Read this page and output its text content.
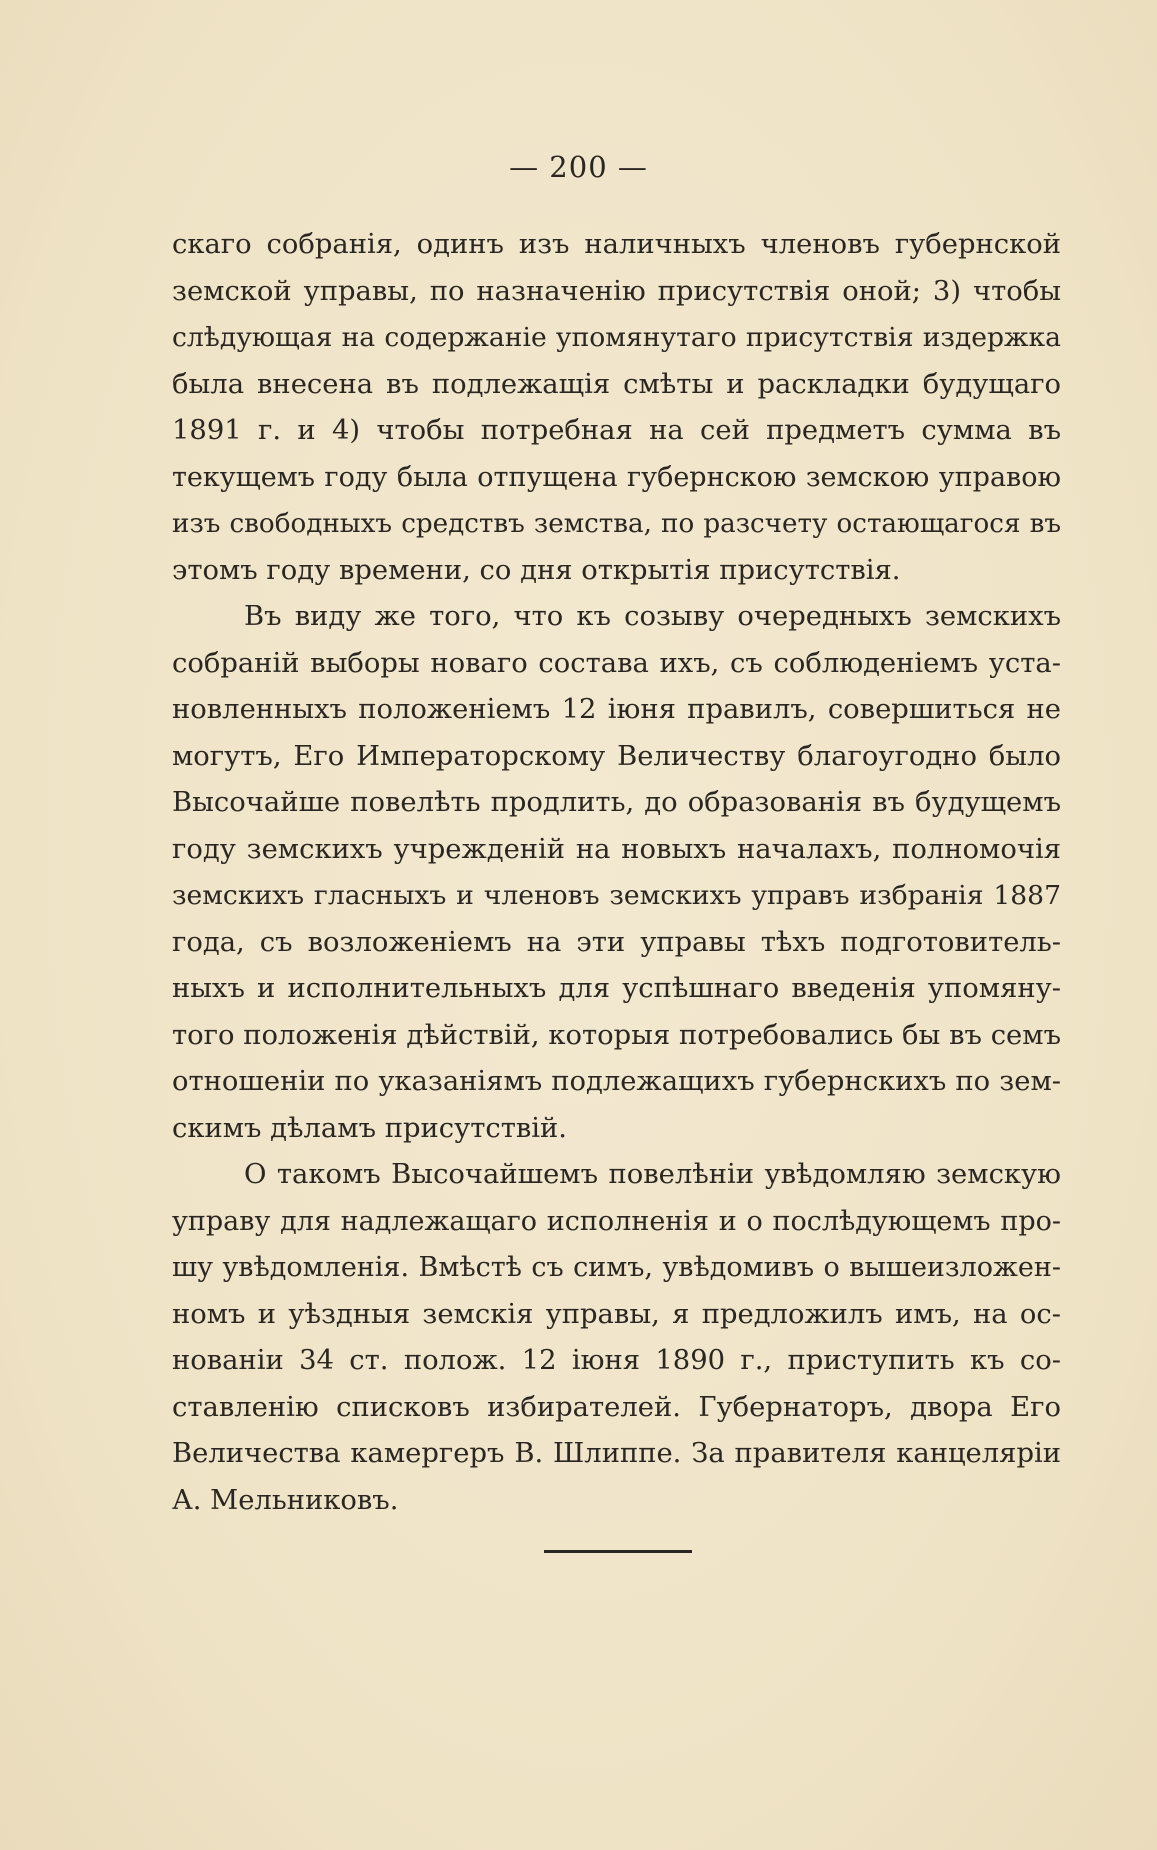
— 200 —
скаго собранія, одинъ изъ наличныхъ членовъ губернской
земской управы, по назначенію присутствія оной; 3) чтобы
слѣдующая на содержаніе упомянутаго присутствія издержка
была внесена въ подлежащія смѣты и раскладки будущаго
1891 г. и 4) чтобы потребная на сей предметъ сумма въ
текущемъ году была отпущена губернскою земскою управою
изъ свободныхъ средствъ земства, по разсчету остающагося въ
этомъ году времени, со дня открытія присутствія.
Въ виду же того, что къ созыву очередныхъ земскихъ
собраній выборы новаго состава ихъ, съ соблюденіемъ уста-
новленныхъ положеніемъ 12 іюня правилъ, совершиться не
могутъ, Его Императорскому Величеству благоугодно было
Высочайше повелѣть продлить, до образованія въ будущемъ
году земскихъ учрежденій на новыхъ началахъ, полномочія
земскихъ гласныхъ и членовъ земскихъ управъ избранія 1887
года, съ возложеніемъ на эти управы тѣхъ подготовитель-
ныхъ и исполнительныхъ для успѣшнаго введенія упомяну-
того положенія дѣйствій, которыя потребовались бы въ семъ
отношеніи по указаніямъ подлежащихъ губернскихъ по зем-
скимъ дѣламъ присутствій.
О такомъ Высочайшемъ повелѣніи увѣдомляю земскую
управу для надлежащаго исполненія и о послѣдующемъ про-
шу увѣдомленія. Вмѣстѣ съ симъ, увѣдомивъ о вышеизложен-
номъ и уѣздныя земскія управы, я предложилъ имъ, на ос-
нованіи 34 ст. полож. 12 іюня 1890 г., приступить къ со-
ставленію списковъ избирателей. Губернаторъ, двора Его
Величества камергеръ В. Шлиппе. За правителя канцеляріи
А. Мельниковъ.
